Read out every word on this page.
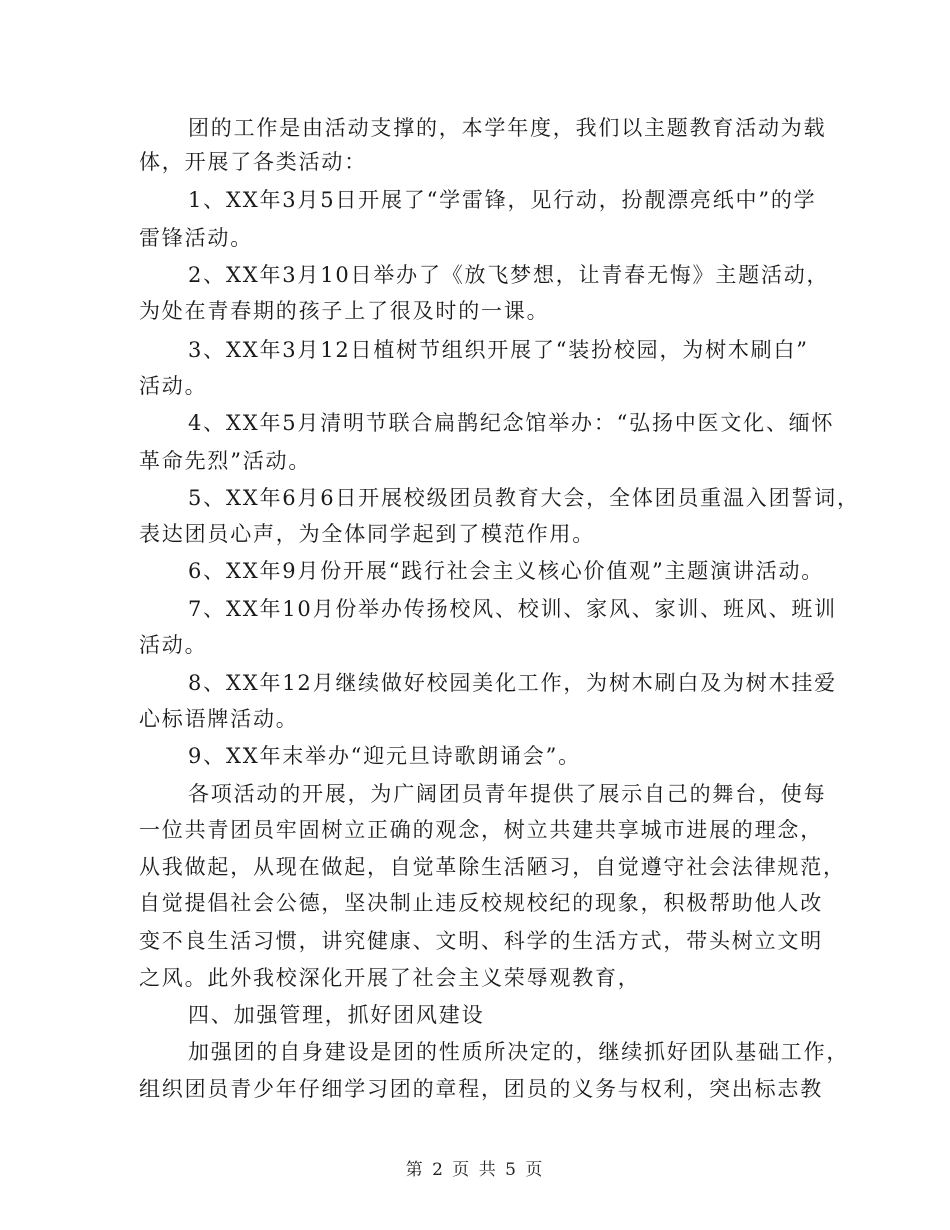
团的工作是由活动支撑的，本学年度，我们以主题教育活动为载
体，开展了各类活动：
1、XX年3月5日开展了“学雷锋，见行动，扮靓漂亮纸中”的学
雷锋活动。
2、XX年3月10日举办了《放飞梦想，让青春无悔》主题活动，
为处在青春期的孩子上了很及时的一课。
3、XX年3月12日植树节组织开展了“装扮校园，为树木刷白”
活动。
4、XX年5月清明节联合扁鹊纪念馆举办：“弘扬中医文化、缅怀
革命先烈”活动。
5、XX年6月6日开展校级团员教育大会，全体团员重温入团誓词，
表达团员心声，为全体同学起到了模范作用。
6、XX年9月份开展“践行社会主义核心价值观”主题演讲活动。
7、XX年10月份举办传扬校风、校训、家风、家训、班风、班训
活动。
8、XX年12月继续做好校园美化工作，为树木刷白及为树木挂爱
心标语牌活动。
9、XX年末举办“迎元旦诗歌朗诵会”。
各项活动的开展，为广阔团员青年提供了展示自己的舞台，使每
一位共青团员牢固树立正确的观念，树立共建共享城市进展的理念，
从我做起，从现在做起，自觉革除生活陋习，自觉遵守社会法律规范，
自觉提倡社会公德，坚决制止违反校规校纪的现象，积极帮助他人改
变不良生活习惯，讲究健康、文明、科学的生活方式，带头树立文明
之风。此外我校深化开展了社会主义荣辱观教育，
四、加强管理，抓好团风建设
加强团的自身建设是团的性质所决定的，继续抓好团队基础工作，
组织团员青少年仔细学习团的章程，团员的义务与权利，突出标志教
第 2 页 共 5 页
